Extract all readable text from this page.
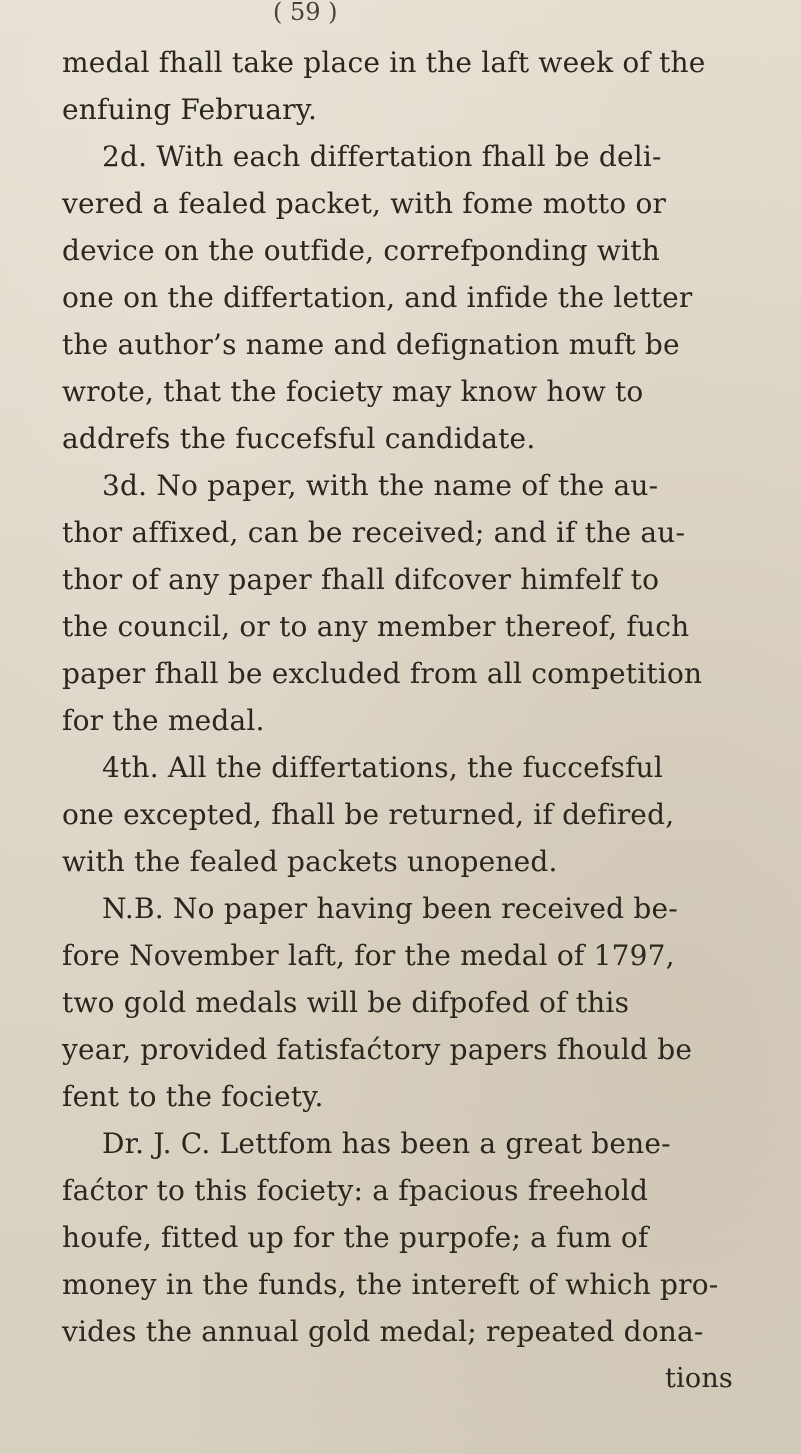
( 59 )
medal fhall take place in the laft week of the
enfuing February.
2d. With each differtation fhall be deli-
vered a fealed packet, with fome motto or
device on the outfide, correfponding with
one on the differtation, and infide the letter
the author’s name and defignation muft be
wrote, that the fociety may know how to
addrefs the fuccefsful candidate.
3d. No paper, with the name of the au-
thor affixed, can be received; and if the au-
thor of any paper fhall difcover himfelf to
the council, or to any member thereof, fuch
paper fhall be excluded from all competition
for the medal.
4th. All the differtations, the fuccefsful
one excepted, fhall be returned, if defired,
with the fealed packets unopened.
N.B. No paper having been received be-
fore November laft, for the medal of 1797,
two gold medals will be difpofed of this
year, provided fatisfaćtory papers fhould be
fent to the fociety.
Dr. J. C. Lettfom has been a great bene-
faćtor to this fociety: a fpacious freehold
houfe, fitted up for the purpofe; a fum of
money in the funds, the intereft of which pro-
vides the annual gold medal; repeated dona-
tions
